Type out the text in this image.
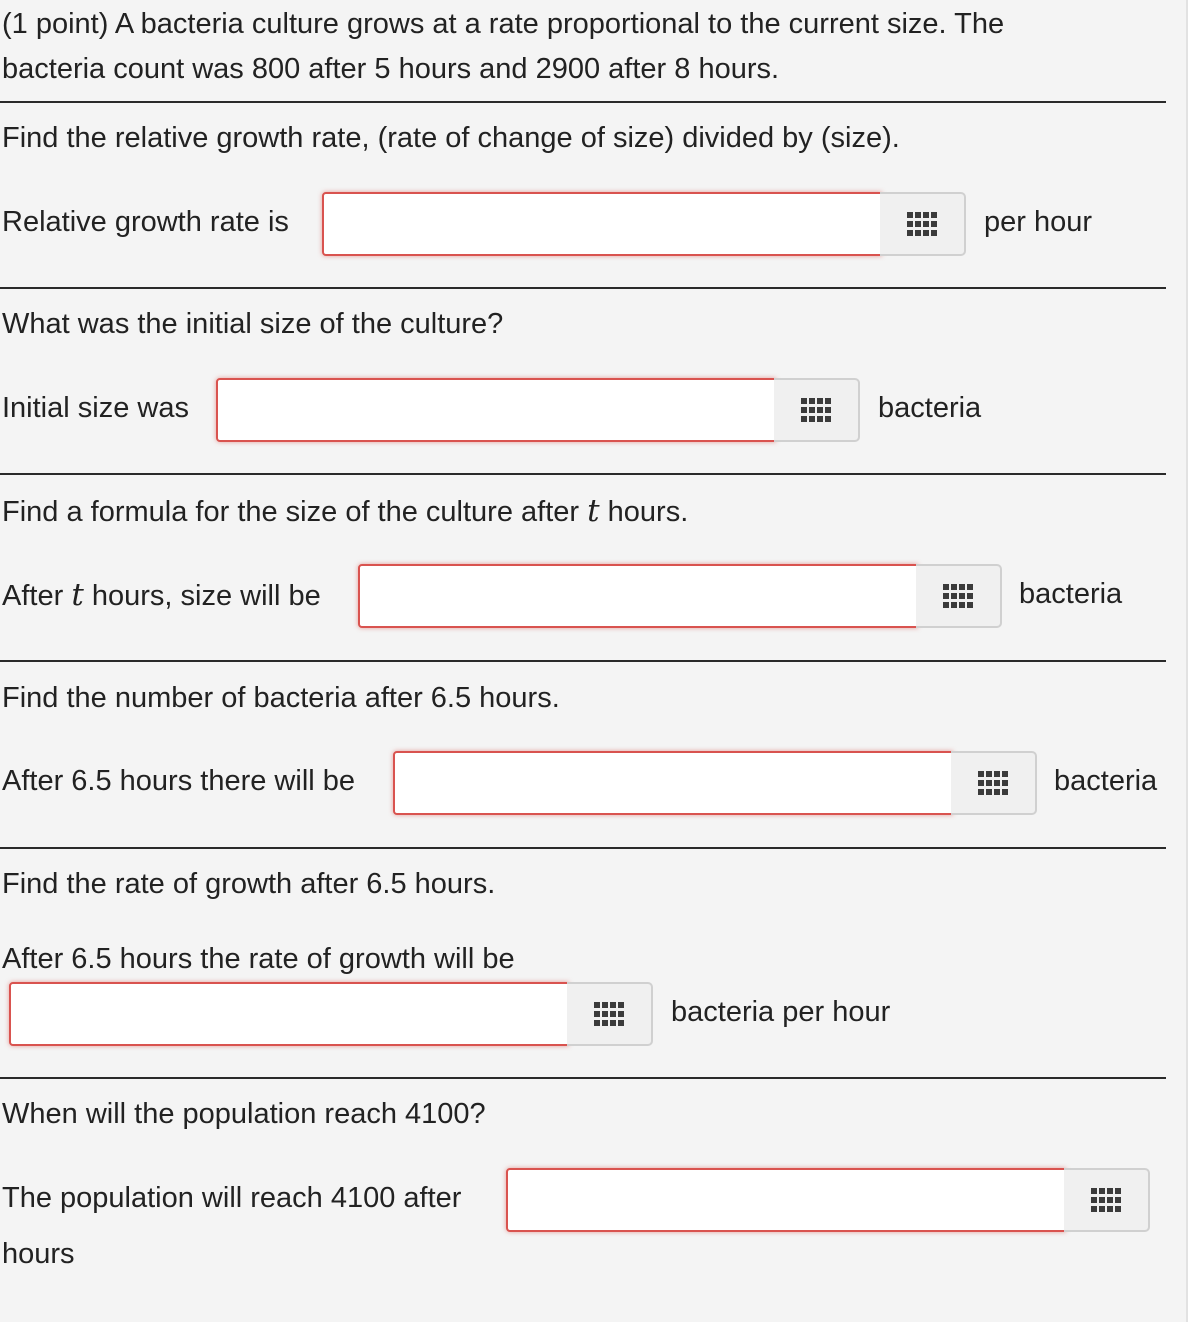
(1 point) A bacteria culture grows at a rate proportional to the current size. The
bacteria count was 800 after 5 hours and 2900 after 8 hours.
Find the relative growth rate, (rate of change of size) divided by (size).
Relative growth rate is	per hour
What was the initial size of the culture?
Initial size was	bacteria
Find a formula for the size of the culture after t hours.
After t hours, size will be	bacteria
Find the number of bacteria after 6.5 hours.
After 6.5 hours there will be	bacteria
Find the rate of growth after 6.5 hours.
After 6.5 hours the rate of growth will be
bacteria per hour
When will the population reach 4100?
The population will reach 4100 after
hours
